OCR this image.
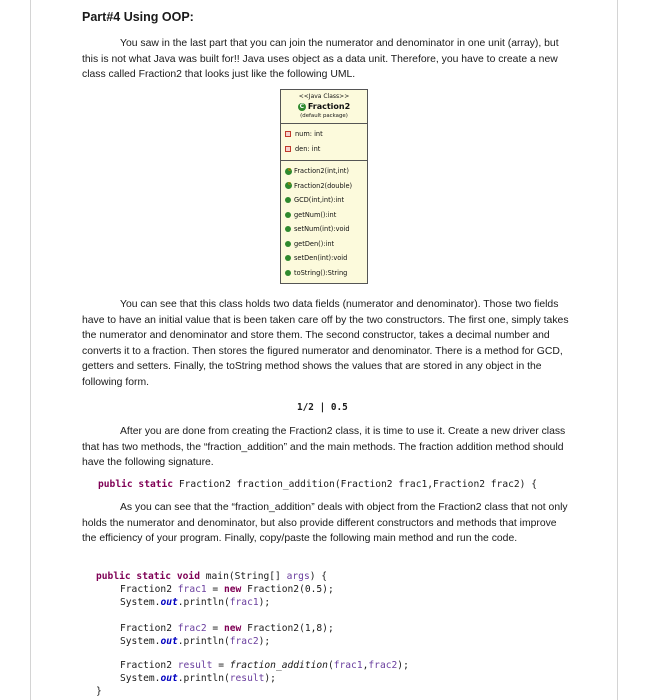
Part#4 Using OOP:

You saw in the last part that you can join the numerator and denominator in one unit (array), but this is not what Java was built for!! Java uses object as a data unit. Therefore, you have to create a new class called Fraction2 that looks just like the following UML.

<<Java Class>>
C Fraction2
(default package)
num: int
den: int
cFraction2(int,int)
cFraction2(double)
GCD(int,int):int
getNum():int
setNum(int):void
getDen():int
setDen(int):void
toString():String

You can see that this class holds two data fields (numerator and denominator). Those two fields have to have an initial value that is been taken care off by the two constructors. The first one, simply takes the numerator and denominator and store them. The second constructor, takes a decimal number and converts it to a fraction. Then stores the figured numerator and denominator. There is a method for GCD, getters and setters. Finally, the toString method shows the values that are stored in any object in the following form.

1/2 | 0.5

After you are done from creating the Fraction2 class, it is time to use it. Create a new driver class that has two methods, the “fraction_addition” and the main methods. The fraction addition method should have the following signature.

public static Fraction2 fraction_addition(Fraction2 frac1,Fraction2 frac2) {

As you can see that the “fraction_addition” deals with object from the Fraction2 class that not only holds the numerator and denominator, but also provide different constructors and methods that improve the efficiency of your program. Finally, copy/paste the following main method and run the code.

public static void main(String[] args) {
Fraction2 frac1 = new Fraction2(0.5);
System.out.println(frac1);
Fraction2 frac2 = new Fraction2(1,8);
System.out.println(frac2);
Fraction2 result = fraction_addition(frac1,frac2);
System.out.println(result);
}
